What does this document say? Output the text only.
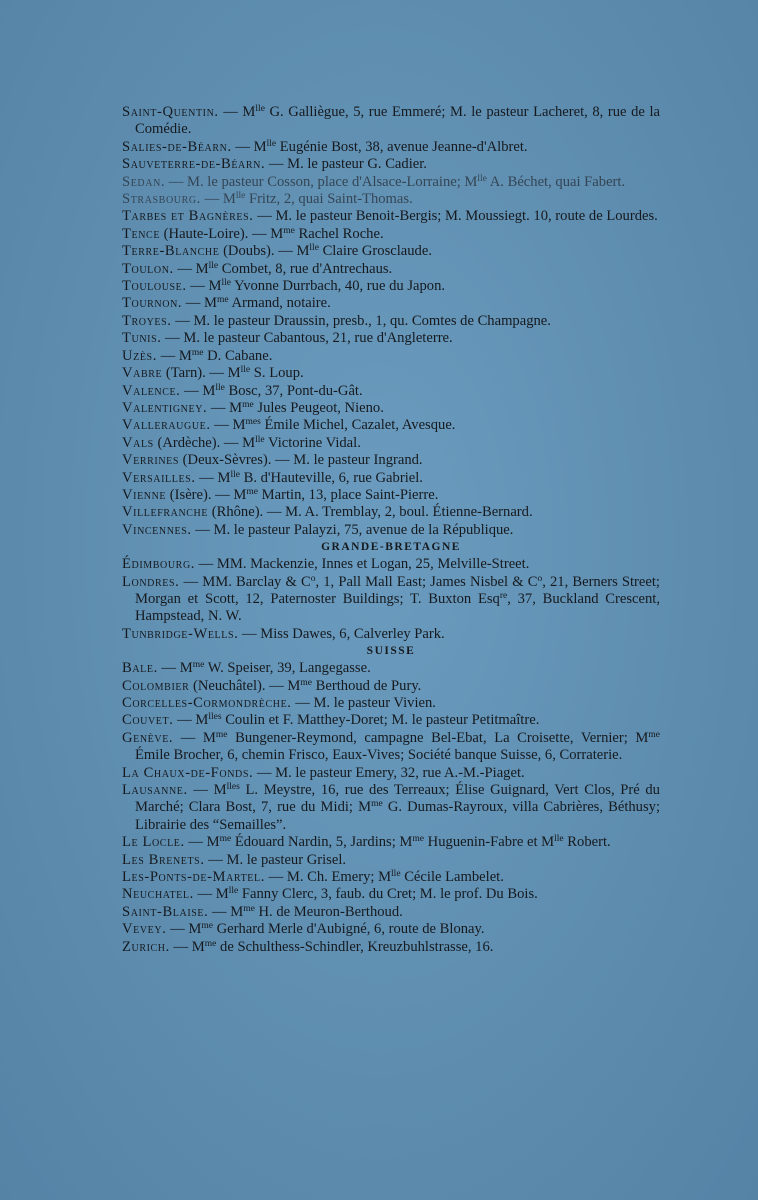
Saint-Quentin. — $M^{lle}$ G. Galliègue, 5, rue Emmeré; M. le pasteur Lacheret, 8, rue de la Comédie.
Salies-de-Béarn. — $M^{lle}$ Eugénie Bost, 38, avenue Jeanne-d'Albret.
Sauveterre-de-Béarn. — M. le pasteur G. Cadier.
Sedan. — M. le pasteur Cosson, place d'Alsace-Lorraine; $M^{lle}$ A. Béchet, quai Fabert.
Strasbourg. — $M^{lle}$ Fritz, 2, quai Saint-Thomas.
Tarbes et Bagnères. — M. le pasteur Benoit-Bergis; M. Moussiegt. 10, route de Lourdes.
Tence (Haute-Loire). — $M^{me}$ Rachel Roche.
Terre-Blanche (Doubs). — $M^{lle}$ Claire Grosclaude.
Toulon. — $M^{lle}$ Combet, 8, rue d'Antrechaus.
Toulouse. — $M^{lle}$ Yvonne Durrbach, 40, rue du Japon.
Tournon. — $M^{me}$ Armand, notaire.
Troyes. — M. le pasteur Draussin, presb., 1, qu. Comtes de Champagne.
Tunis. — M. le pasteur Cabantous, 21, rue d'Angleterre.
Uzès. — $M^{me}$ D. Cabane.
Vabre (Tarn). — $M^{lle}$ S. Loup.
Valence. — $M^{lle}$ Bosc, 37, Pont-du-Gât.
Valentigney. — $M^{me}$ Jules Peugeot, Nieno.
Valleraugue. — $M^{mes}$ Émile Michel, Cazalet, Avesque.
Vals (Ardèche). — $M^{lle}$ Victorine Vidal.
Verrines (Deux-Sèvres). — M. le pasteur Ingrand.
Versailles. — $M^{lle}$ B. d'Hauteville, 6, rue Gabriel.
Vienne (Isère). — $M^{me}$ Martin, 13, place Saint-Pierre.
Villefranche (Rhône). — M. A. Tremblay, 2, boul. Étienne-Bernard.
Vincennes. — M. le pasteur Palayzi, 75, avenue de la République.
GRANDE-BRETAGNE
Édimbourg. — MM. Mackenzie, Innes et Logan, 25, Melville-Street.
Londres. — MM. Barclay & $C^o$, 1, Pall Mall East; James Nisbel & $C^o$, 21, Berners Street; Morgan et Scott, 12, Paternoster Buildings; T. Buxton Esq$^{re}$, 37, Buckland Crescent, Hampstead, N. W.
Tunbridge-Wells. — Miss Dawes, 6, Calverley Park.
SUISSE
Bale. — $M^{me}$ W. Speiser, 39, Langegasse.
Colombier (Neuchâtel). — $M^{me}$ Berthoud de Pury.
Corcelles-Cormondrèche. — M. le pasteur Vivien.
Couvet. — $M^{lles}$ Coulin et F. Matthey-Doret; M. le pasteur Petitmaître.
Genève. — $M^{me}$ Bungener-Reymond, campagne Bel-Ebat, La Croisette, Vernier; $M^{me}$ Émile Brocher, 6, chemin Frisco, Eaux-Vives; Société banque Suisse, 6, Corraterie.
La Chaux-de-Fonds. — M. le pasteur Emery, 32, rue A.-M.-Piaget.
Lausanne. — $M^{lles}$ L. Meystre, 16, rue des Terreaux; Élise Guignard, Vert Clos, Pré du Marché; Clara Bost, 7, rue du Midi; $M^{me}$ G. Dumas-Rayroux, villa Cabrières, Béthusy; Librairie des “Semailles”.
Le Locle. — $M^{me}$ Édouard Nardin, 5, Jardins; $M^{me}$ Huguenin-Fabre et $M^{lle}$ Robert.
Les Brenets. — M. le pasteur Grisel.
Les-Ponts-de-Martel. — M. Ch. Emery; $M^{lle}$ Cécile Lambelet.
Neuchatel. — $M^{lle}$ Fanny Clerc, 3, faub. du Cret; M. le prof. Du Bois.
Saint-Blaise. — $M^{me}$ H. de Meuron-Berthoud.
Vevey. — $M^{me}$ Gerhard Merle d'Aubigné, 6, route de Blonay.
Zurich. — $M^{me}$ de Schulthess-Schindler, Kreuzbuhlstrasse, 16.
